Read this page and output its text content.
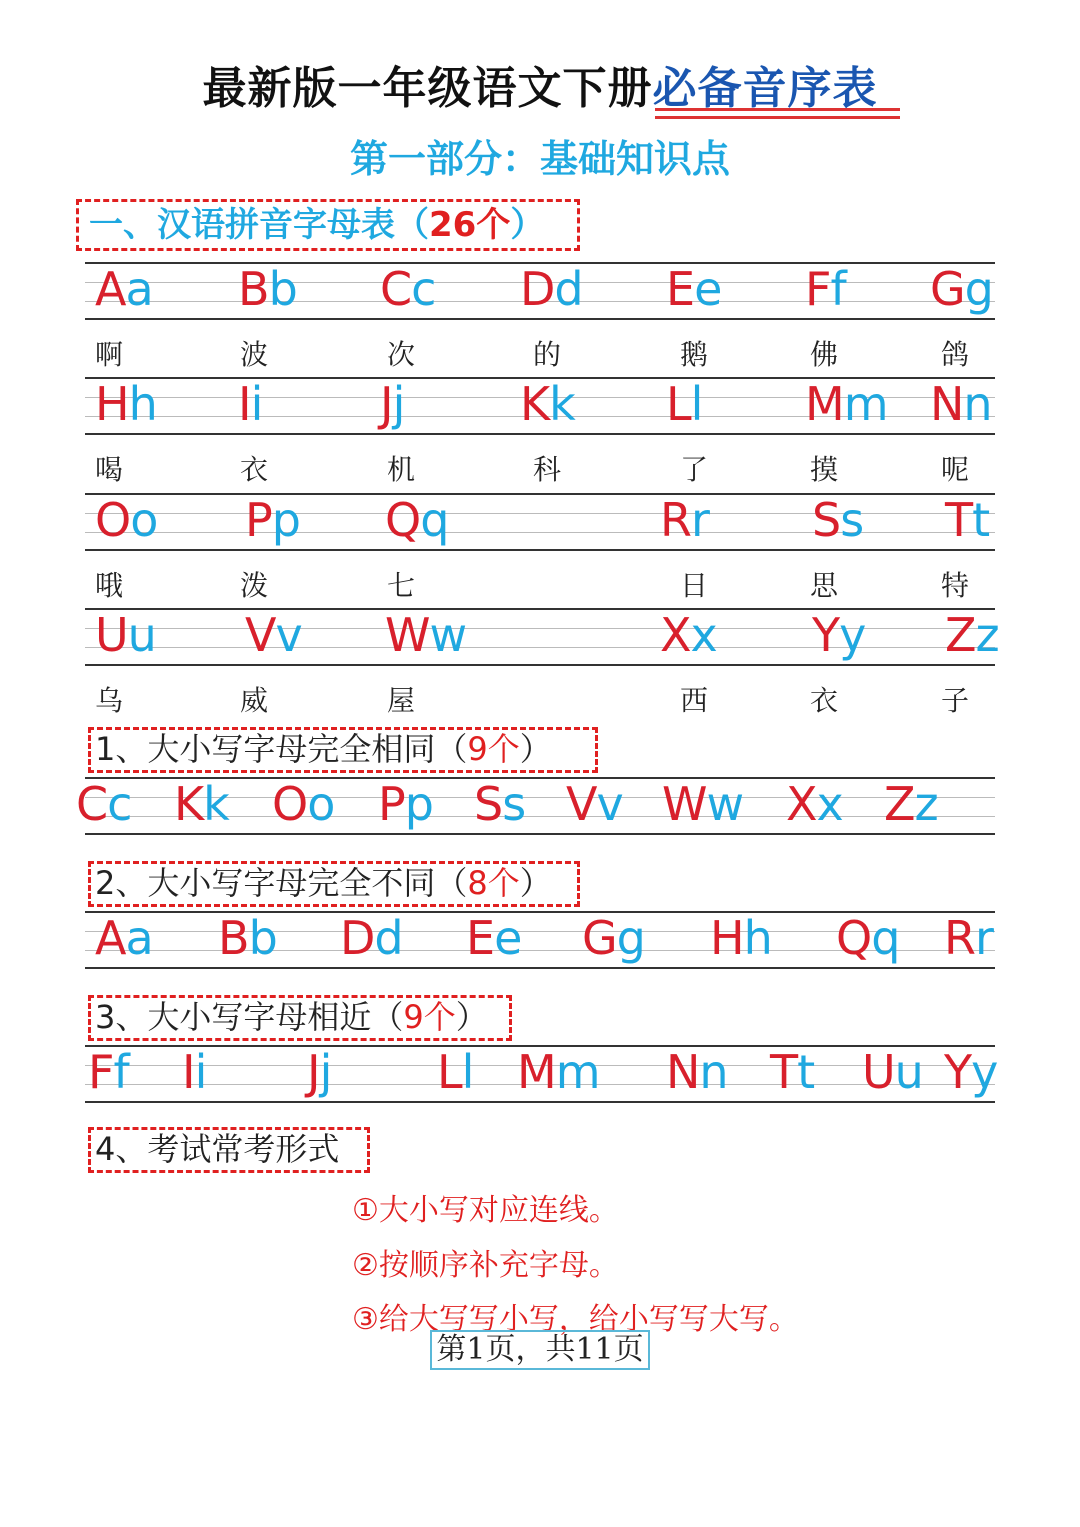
最新版一年级语文下册必备音序表
第一部分：基础知识点
一、汉语拼音字母表（26个）
1、大小写字母完全相同（9个）
2、大小写字母完全不同（8个）
3、大小写字母相近（9个）
4、考试常考形式
①大小写对应连线。
②按顺序补充字母。
③给大写写小写，给小写写大写。
第1页，共11页
Aa Bb Cc Dd Ee Ff Gg
啊	波	次	的	鹅	佛	鸽
Hh Ii	Jj	Kk Ll Mm Nn
喝	衣	机	科	了	摸	呢
Oo Pp Qq	Rr Ss Tt
哦	泼	七	日	思	特
Uu Vv Ww	Xx Yy Zz
乌	威	屋	西	衣	子
Cc Kk Oo Pp Ss Vv Ww Xx Zz
Aa Bb Dd Ee Gg Hh Qq Rr
Ff Ii Jj Ll Mm Nn Tt Uu Yy
